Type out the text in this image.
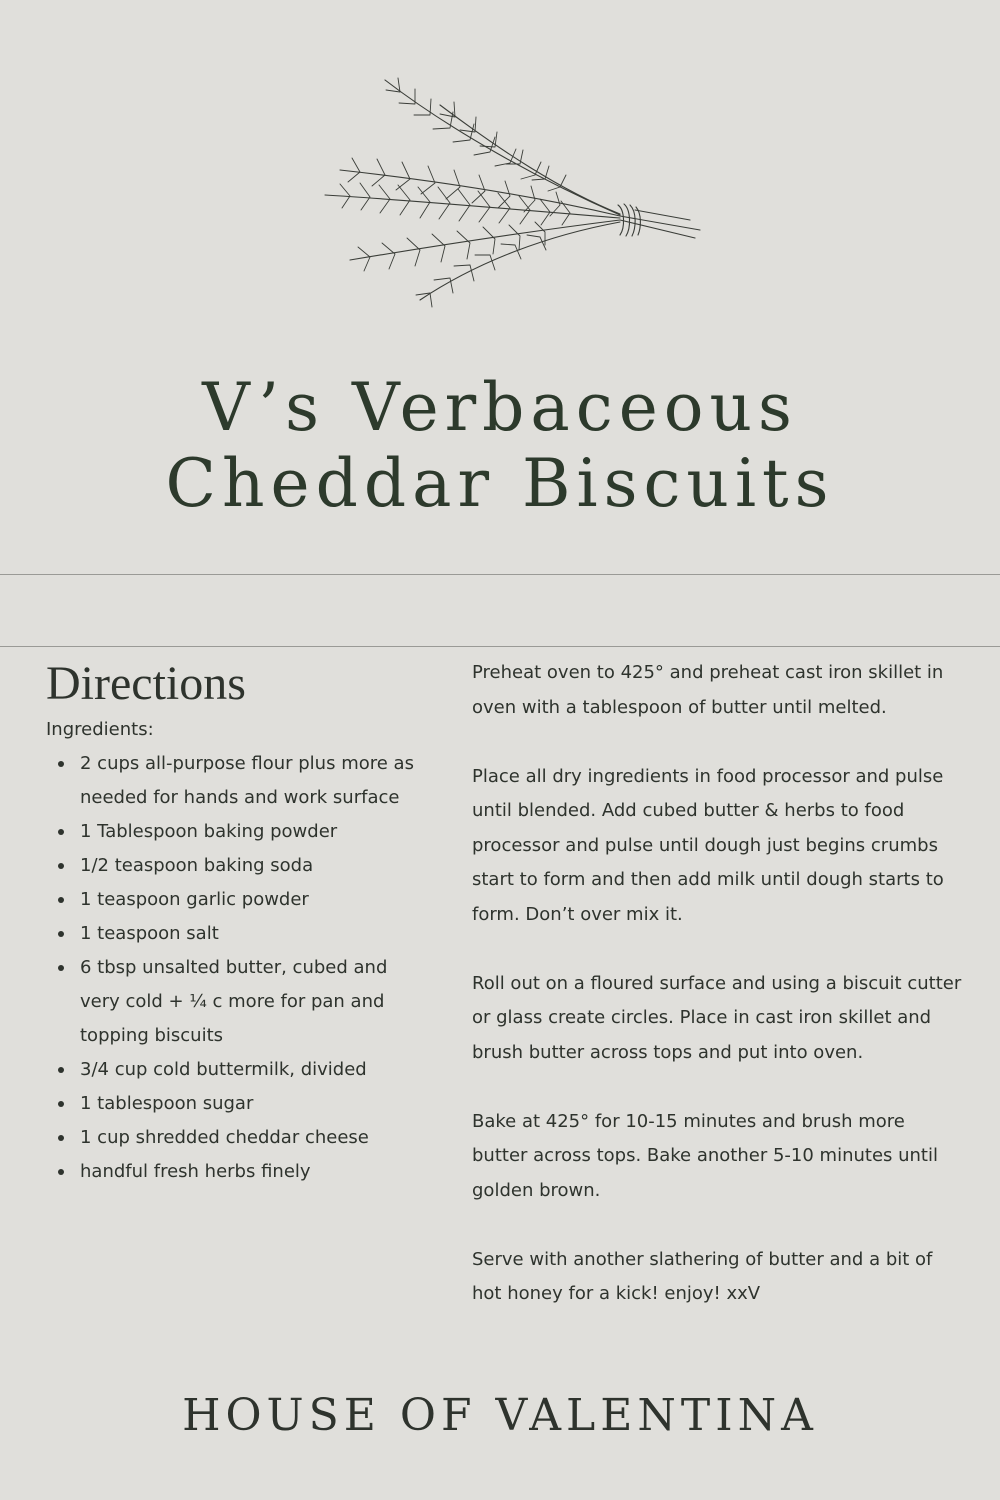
V’s Verbaceous
Cheddar Biscuits
Directions

Ingredients:

2 cups all-purpose flour plus more as needed for hands and work surface
1 Tablespoon baking powder
1/2 teaspoon baking soda
1 teaspoon garlic powder
1 teaspoon salt
6 tbsp unsalted butter, cubed and very cold + ¼ c more for pan and topping biscuits
3/4 cup cold buttermilk, divided
1 tablespoon sugar
1 cup shredded cheddar cheese
handful fresh herbs finely

Preheat oven to 425° and preheat cast iron skillet in oven with a tablespoon of butter until melted.

Place all dry ingredients in food processor and pulse until blended. Add cubed butter & herbs to food processor and pulse until dough just begins crumbs start to form and then add milk until dough starts to form. Don’t over mix it.

Roll out on a floured surface and using a biscuit cutter or glass create circles. Place in cast iron skillet and brush butter across tops and put into oven.

Bake at 425° for 10-15 minutes and brush more butter across tops. Bake another 5-10 minutes until golden brown.

Serve with another slathering of butter and a bit of hot honey for a kick! enjoy! xxV

HOUSE OF VALENTINA
